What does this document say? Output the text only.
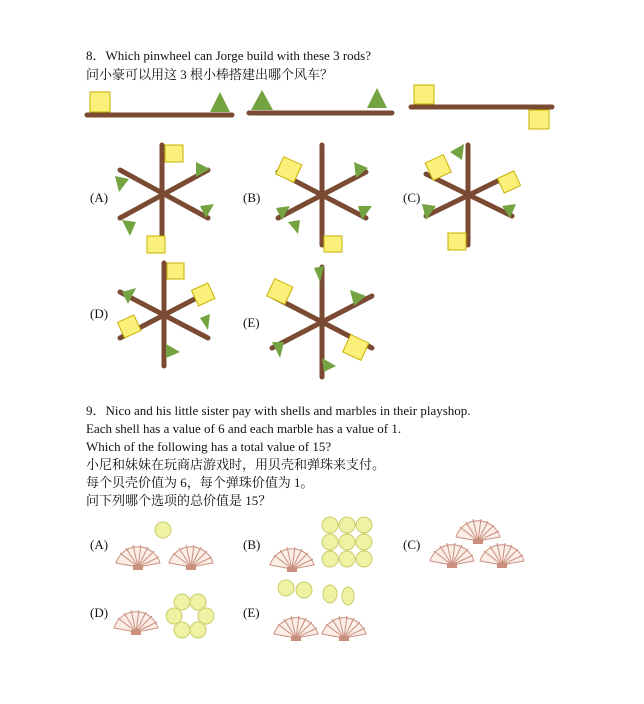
8．Which pinwheel can Jorge build with these 3 rods?
问小豪可以用这 3 根小棒搭建出哪个风车？
(A)	(B)	(C)
(D)
(E)
9．Nico and his little sister pay with shells and marbles in their playshop.
Each shell has a value of 6 and each marble has a value of 1.
Which of the following has a total value of 15?
小尼和妹妹在玩商店游戏时，用贝壳和弹珠来支付。
每个贝壳价值为 6，每个弹珠价值为 1。
问下列哪个选项的总价值是 15？
(A)	(B)	(C)
(D)	(E)
